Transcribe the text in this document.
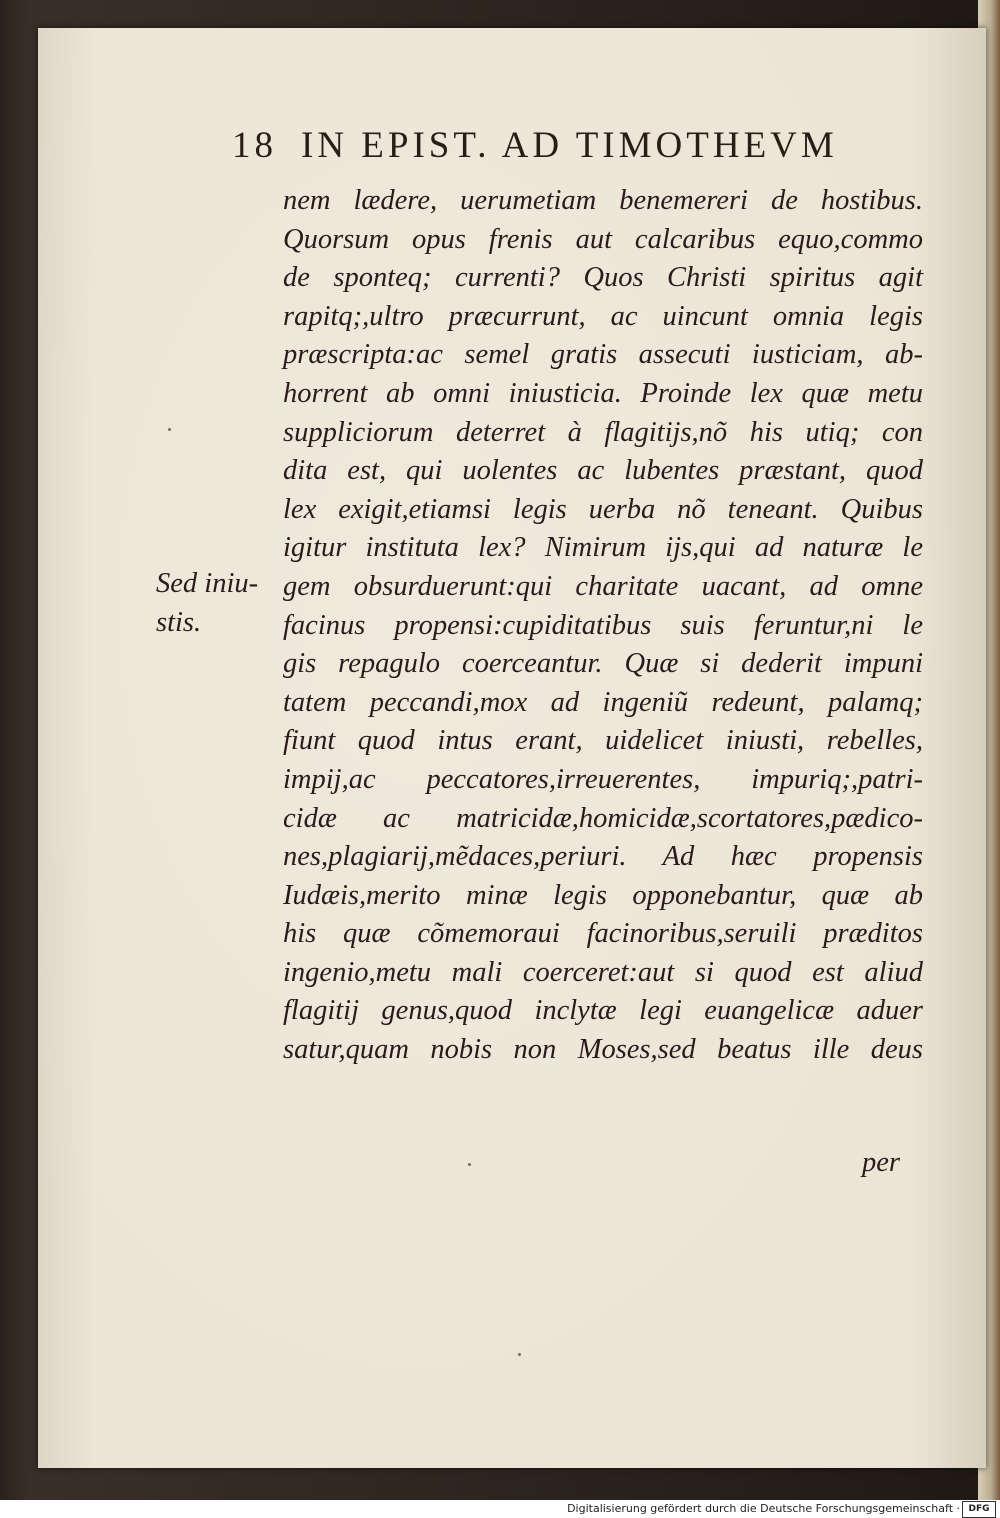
18 IN EPIST. AD TIMOTHEVM
Sed iniu-
stis.
nem lædere, uerumetiam benemereri de hostibus.
Quorsum opus frenis aut calcaribus equo,commo
de sponteq; currenti? Quos Christi spiritus agit
rapitq;,ultro præcurrunt, ac uincunt omnia legis
præscripta:ac semel gratis assecuti iusticiam, ab-
horrent ab omni iniusticia. Proinde lex quæ metu
suppliciorum deterret à flagitijs,nõ his utiq; con
dita est, qui uolentes ac lubentes præstant, quod
lex exigit,etiamsi legis uerba nõ teneant. Quibus
igitur instituta lex? Nimirum ijs,qui ad naturæ le
gem obsurduerunt:qui charitate uacant, ad omne
facinus propensi:cupiditatibus suis feruntur,ni le
gis repagulo coerceantur. Quæ si dederit impuni
tatem peccandi,mox ad ingeniũ redeunt, palamq;
fiunt quod intus erant, uidelicet iniusti, rebelles,
impij,ac peccatores,irreuerentes, impuriq;,patri-
cidæ ac matricidæ,homicidæ,scortatores,pædico-
nes,plagiarij,mẽdaces,periuri. Ad hæc propensis
Iudæis,merito minæ legis opponebantur, quæ ab
his quæ cõmemoraui facinoribus,seruili præditos
ingenio,metu mali coerceret:aut si quod est aliud
flagitij genus,quod inclytæ legi euangelicæ aduer
satur,quam nobis non Moses,sed beatus ille deus
per
Digitalisierung gefördert durch die Deutsche Forschungsgemeinschaft · DFG
